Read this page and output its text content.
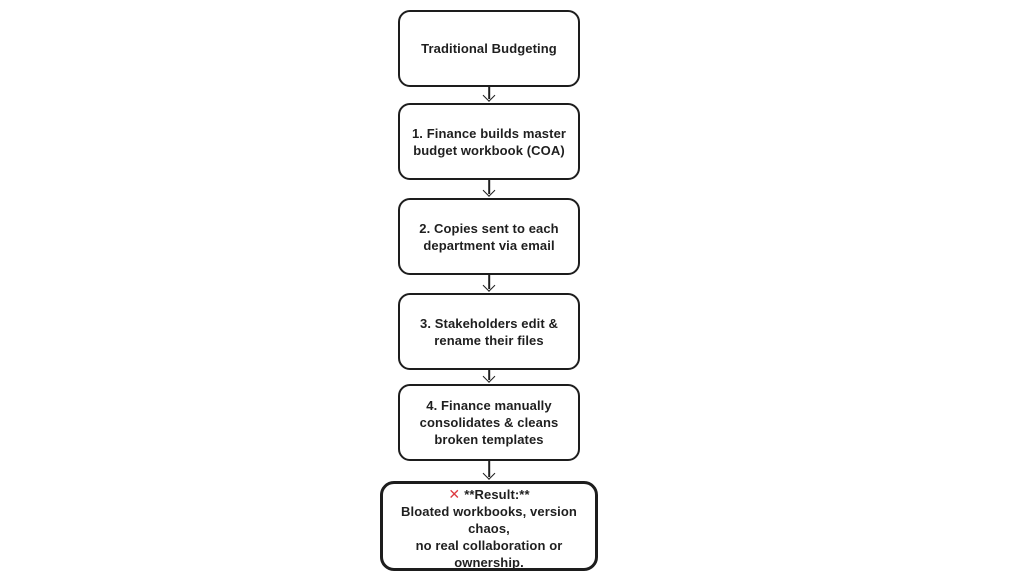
Traditional Budgeting
1. Finance builds master
budget workbook (COA)
2. Copies sent to each
department via email
3. Stakeholders edit &
rename their files
4. Finance manually
consolidates & cleans
broken templates
✕ **Result:**
Bloated workbooks, version
chaos,
no real collaboration or
ownership.
